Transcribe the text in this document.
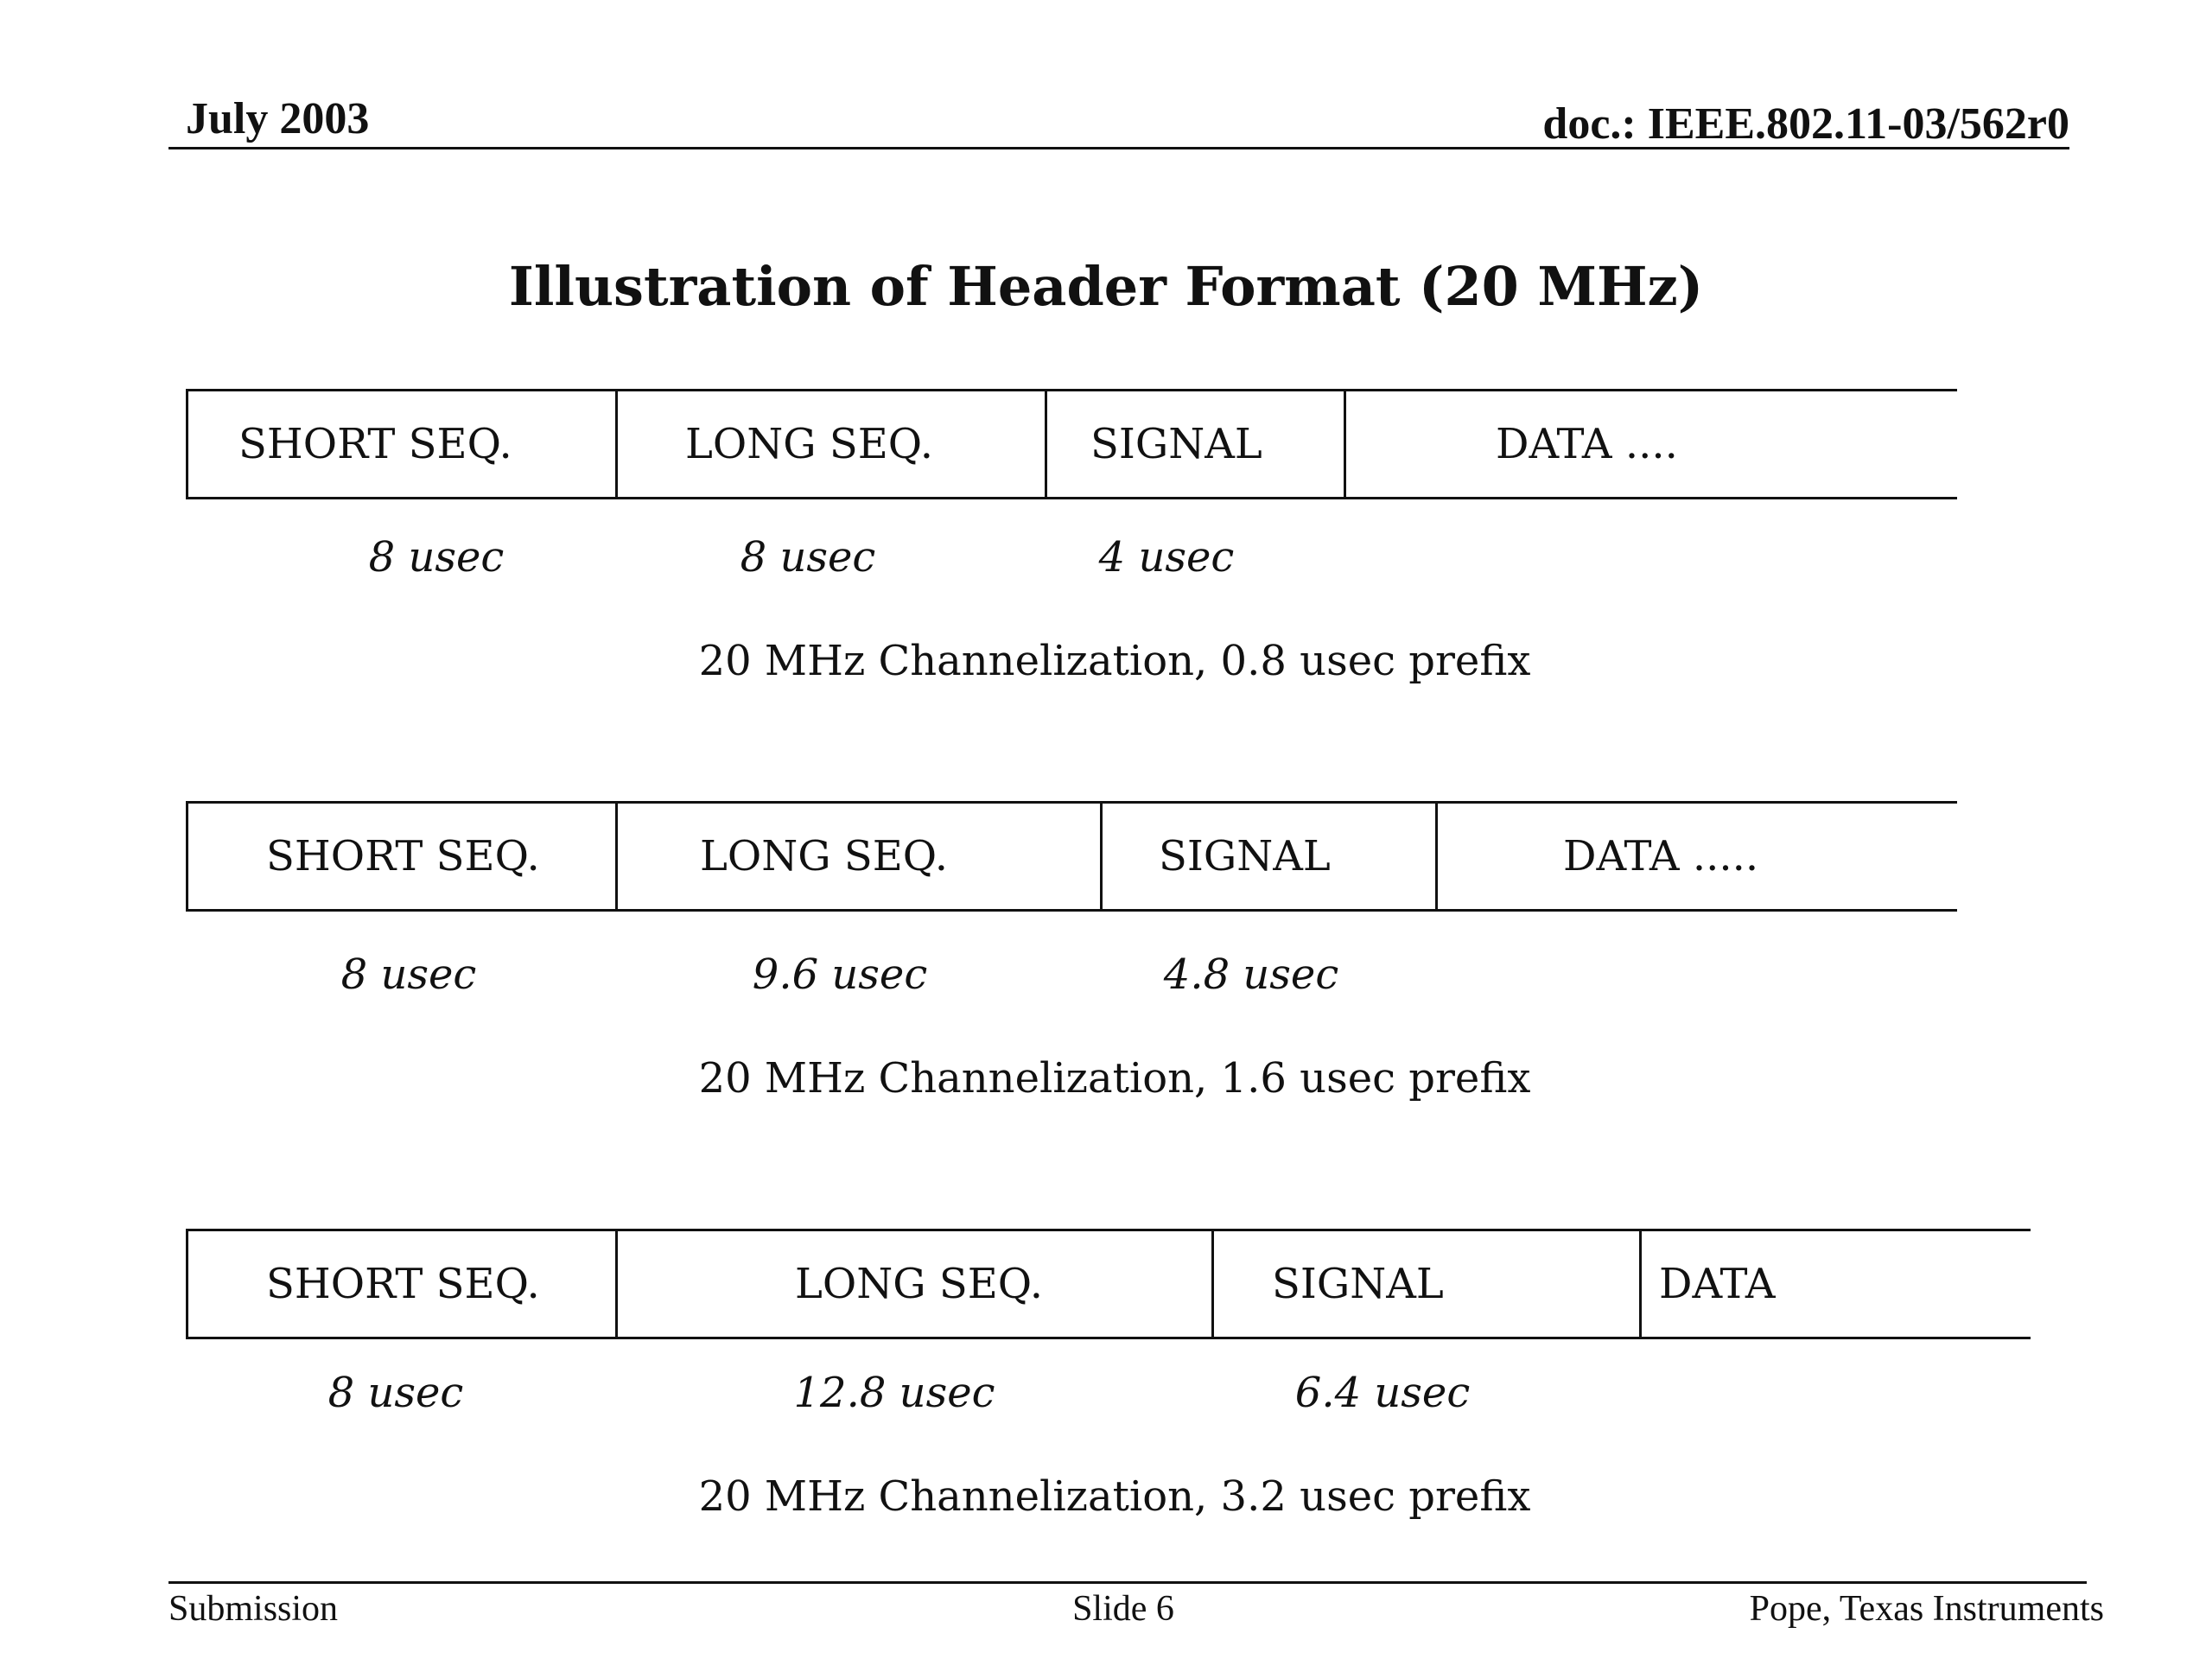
July 2003	doc.: IEEE.802.11-03/562r0
Illustration of Header Format (20 MHz)
SHORT SEQ.	LONG SEQ.	SIGNAL	DATA ....
8 usec	8 usec	4 usec
20 MHz Channelization, 0.8 usec prefix
SHORT SEQ.	LONG SEQ.	SIGNAL	DATA .....
8 usec	9.6 usec	4.8 usec
20 MHz Channelization, 1.6 usec prefix
SHORT SEQ.	LONG SEQ.	SIGNAL	DATA
8 usec	12.8 usec	6.4 usec
20 MHz Channelization, 3.2 usec prefix
Submission	Slide 6	Pope, Texas Instruments
